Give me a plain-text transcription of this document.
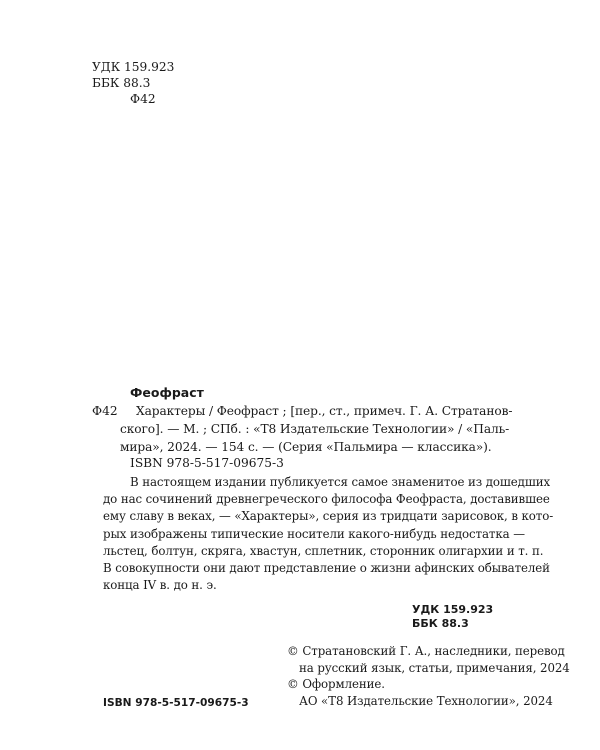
УДК 159.923
ББК 88.3
Ф42
Феофраст
Ф42 Характеры / Феофраст ; [пер., ст., примеч. Г. А. Стратанов-
ского]. — М. ; СПб. : «Т8 Издательские Технологии» / «Паль-
мира», 2024. — 154 с. — (Серия «Пальмира — классика»).
ISBN 978-5-517-09675-3
В настоящем издании публикуется самое знаменитое из дошедших
до нас сочинений древнегреческого философа Феофраста, доставившее
ему славу в веках, — «Характеры», серия из тридцати зарисовок, в кото-
рых изображены типические носители какого-нибудь недостатка —
льстец, болтун, скряга, хвастун, сплетник, сторонник олигархии и т. п.
В совокупности они дают представление о жизни афинских обывателей
конца IV в. до н. э.
УДК 159.923
ББК 88.3
© Стратановский Г. А., наследники, перевод
на русский язык, статьи, примечания, 2024
© Оформление.
АО «Т8 Издательские Технологии», 2024
ISBN 978-5-517-09675-3
